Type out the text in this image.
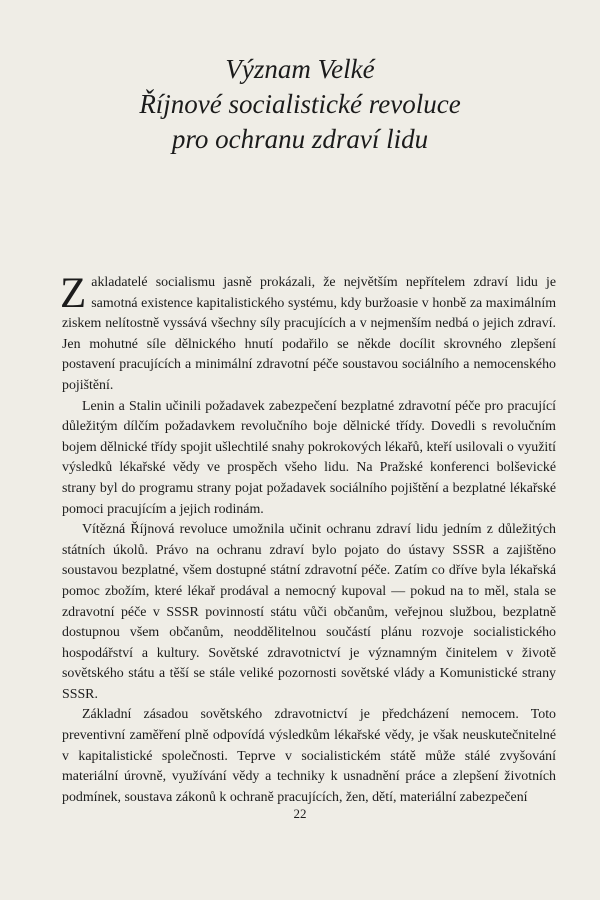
Význam Velké
Říjnové socialistické revoluce
pro ochranu zdraví lidu

Zakladatelé socialismu jasně prokázali, že největším nepřítelem zdraví lidu je samotná existence kapitalistického systému, kdy buržoasie v honbě za maximálním ziskem nelítostně vyssává všechny síly pracujících a v nejmenším nedbá o jejich zdraví. Jen mohutné síle dělnického hnutí podařilo se někde docílit skrovného zlepšení postavení pracujících a minimální zdravotní péče soustavou sociálního a nemocenského pojištění.

Lenin a Stalin učinili požadavek zabezpečení bezplatné zdravotní péče pro pracující důležitým dílčím požadavkem revolučního boje dělnické třídy. Dovedli s revolučním bojem dělnické třídy spojit ušlechtilé snahy pokrokových lékařů, kteří usilovali o využití výsledků lékařské vědy ve prospěch všeho lidu. Na Pražské konferenci bolševické strany byl do programu strany pojat požadavek sociálního pojištění a bezplatné lékařské pomoci pracujícím a jejich rodinám.

Vítězná Říjnová revoluce umožnila učinit ochranu zdraví lidu jedním z důležitých státních úkolů. Právo na ochranu zdraví bylo pojato do ústavy SSSR a zajištěno soustavou bezplatné, všem dostupné státní zdravotní péče. Zatím co dříve byla lékařská pomoc zbožím, které lékař prodával a nemocný kupoval — pokud na to měl, stala se zdravotní péče v SSSR povinností státu vůči občanům, veřejnou službou, bezplatně dostupnou všem občanům, neoddělitelnou součástí plánu rozvoje socialistického hospodářství a kultury. Sovětské zdravotnictví je významným činitelem v životě sovětského státu a těší se stále veliké pozornosti sovětské vlády a Komunistické strany SSSR.

Základní zásadou sovětského zdravotnictví je předcházení nemocem. Toto preventivní zaměření plně odpovídá výsledkům lékařské vědy, je však neuskutečnitelné v kapitalistické společnosti. Teprve v socialistickém státě může stálé zvyšování materiální úrovně, využívání vědy a techniky k usnadnění práce a zlepšení životních podmínek, soustava zákonů k ochraně pracujících, žen, dětí, materiální zabezpečení

22
